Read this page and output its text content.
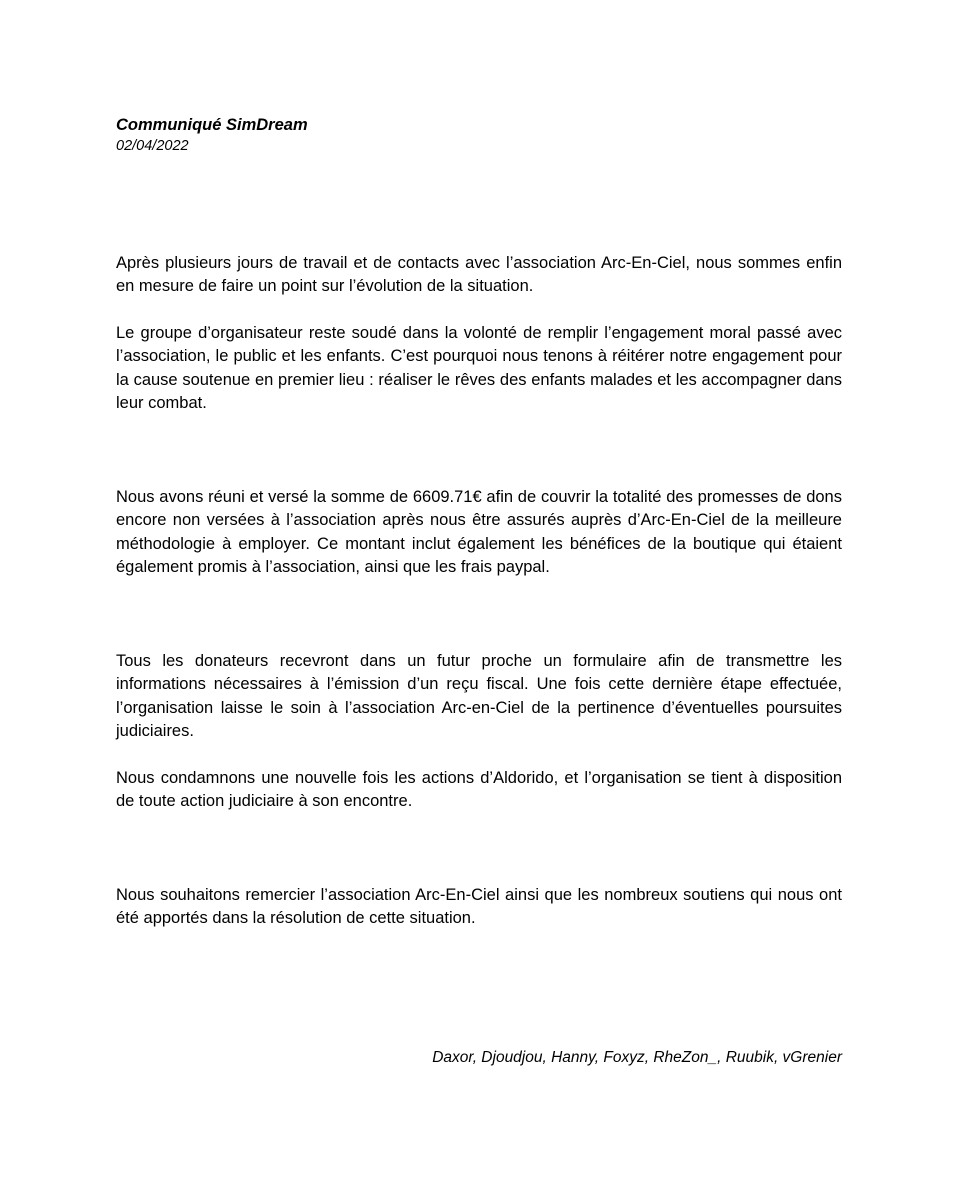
Communiqué SimDream

02/04/2022

Après plusieurs jours de travail et de contacts avec l’association Arc-En-Ciel, nous sommes enfin en mesure de faire un point sur l’évolution de la situation.

Le groupe d’organisateur reste soudé dans la volonté de remplir l’engagement moral passé avec l’association, le public et les enfants. C’est pourquoi nous tenons à réitérer notre engagement pour la cause soutenue en premier lieu : réaliser le rêves des enfants malades et les accompagner dans leur combat.

Nous avons réuni et versé la somme de 6609.71€ afin de couvrir la totalité des promesses de dons encore non versées à l’association après nous être assurés auprès d’Arc-En-Ciel de la meilleure méthodologie à employer. Ce montant inclut également les bénéfices de la boutique qui étaient également promis à l’association, ainsi que les frais paypal.

Tous les donateurs recevront dans un futur proche un formulaire afin de transmettre les informations nécessaires à l’émission d’un reçu fiscal. Une fois cette dernière étape effectuée, l’organisation laisse le soin à l’association Arc-en-Ciel de la pertinence d’éventuelles poursuites judiciaires.

Nous condamnons une nouvelle fois les actions d’Aldorido, et l’organisation se tient à disposition de toute action judiciaire à son encontre.

Nous souhaitons remercier l’association Arc-En-Ciel ainsi que les nombreux soutiens qui nous ont été apportés dans la résolution de cette situation.

Daxor, Djoudjou, Hanny, Foxyz, RheZon_, Ruubik, vGrenier
